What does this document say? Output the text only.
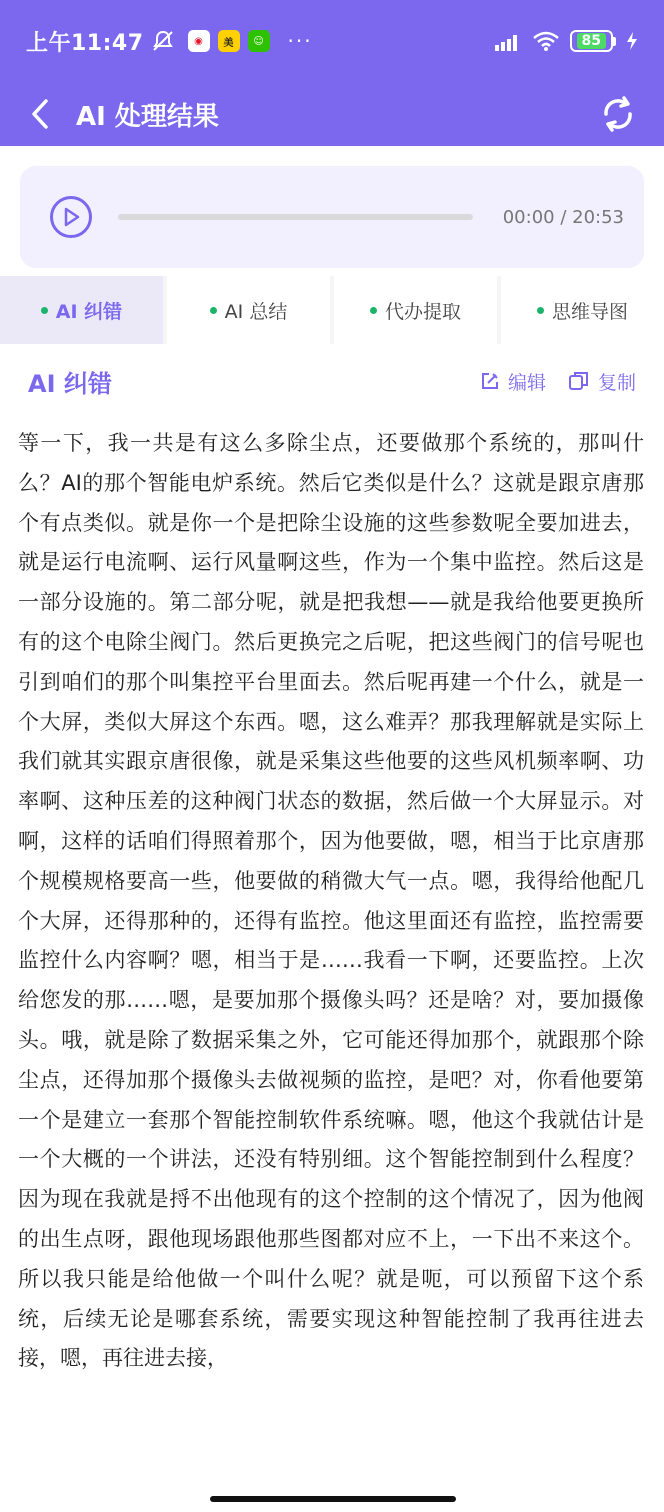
上午11:47	◉	美	☺ ···	85
AI 处理结果
00:00 / 20:53
AI 纠错	AI 总结	代办提取	思维导图
AI 纠错	编辑	复制
等一下，我一共是有这么多除尘点，还要做那个系统的，那叫什么？AI的那个智能电炉系统。然后它类似是什么？这就是跟京唐那个有点类似。就是你一个是把除尘设施的这些参数呢全要加进去，就是运行电流啊、运行风量啊这些，作为一个集中监控。然后这是一部分设施的。第二部分呢，就是把我想——就是我给他要更换所有的这个电除尘阀门。然后更换完之后呢，把这些阀门的信号呢也引到咱们的那个叫集控平台里面去。然后呢再建一个什么，就是一个大屏，类似大屏这个东西。嗯，这么难弄？那我理解就是实际上我们就其实跟京唐很像，就是采集这些他要的这些风机频率啊、功率啊、这种压差的这种阀门状态的数据，然后做一个大屏显示。对啊，这样的话咱们得照着那个，因为他要做，嗯，相当于比京唐那个规模规格要高一些，他要做的稍微大气一点。嗯，我得给他配几个大屏，还得那种的，还得有监控。他这里面还有监控，监控需要监控什么内容啊？嗯，相当于是……我看一下啊，还要监控。上次给您发的那……嗯，是要加那个摄像头吗？还是啥？对，要加摄像头。哦，就是除了数据采集之外，它可能还得加那个，就跟那个除尘点，还得加那个摄像头去做视频的监控，是吧？对，你看他要第一个是建立一套那个智能控制软件系统嘛。嗯，他这个我就估计是一个大概的一个讲法，还没有特别细。这个智能控制到什么程度？因为现在我就是捋不出他现有的这个控制的这个情况了，因为他阀的出生点呀，跟他现场跟他那些图都对应不上，一下出不来这个。所以我只能是给他做一个叫什么呢？就是呃，可以预留下这个系统，后续无论是哪套系统，需要实现这种智能控制了我再往进去接，嗯，再往进去接，
